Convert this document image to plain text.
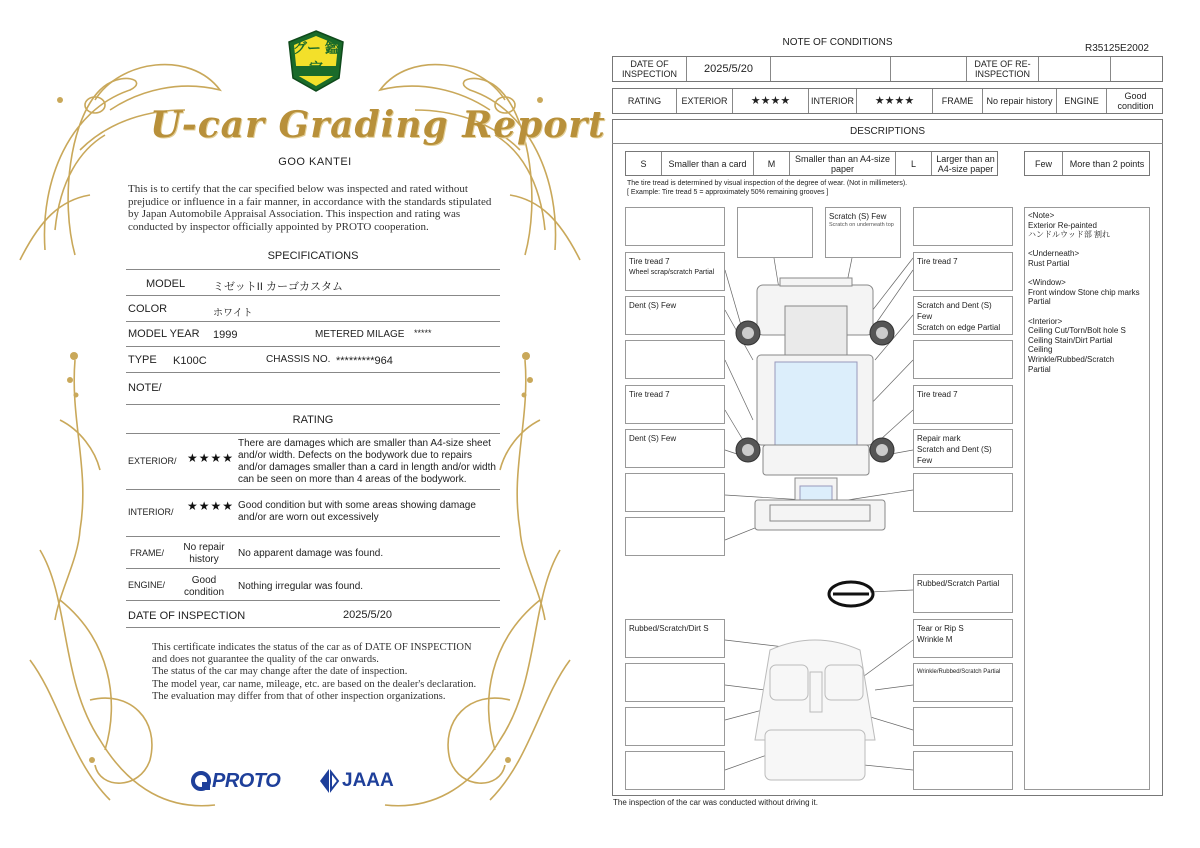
グー 鑑定
U-car Grading Report
GOO KANTEI
This is to certify that the car specified below was inspected and rated without prejudice or influence in a fair manner, in accordance with the standards stipulated by Japan Automobile Appraisal Association. This inspection and rating was conducted by inspector officially appointed by PROTO cooperation.
SPECIFICATIONS
MODEL	ミゼットII カーゴカスタム
COLOR	ホワイト
MODEL YEAR 1999	METERED MILAGE *****
TYPE K100C	CHASSIS NO. *********964
NOTE/
RATING
EXTERIOR/ ★★★★
There are damages which are smaller than A4-size sheet and/or width. Defects on the bodywork due to repairs and/or damages smaller than a card in length and/or width can be seen on more than 4 areas of the bodywork.
INTERIOR/ ★★★★ Good condition but with some areas showing damage and/or are worn out excessively
FRAME/	No repair history
No apparent damage was found.
ENGINE/	Good condition
Nothing irregular was found.
DATE OF INSPECTION	2025/5/20
This certificate indicates the status of the car as of DATE OF INSPECTION and does not guarantee the quality of the car onwards.
The status of the car may change after the date of inspection.
The model year, car name, mileage, etc. are based on the dealer's declaration.
The evaluation may differ from that of other inspection organizations.
PROTO	JAAA
NOTE OF CONDITIONS
R35125E2002
DATE OF INSPECTION	2025/5/20	DATE OF RE-INSPECTION
RATING	EXTERIOR	★★★★	INTERIOR	★★★★	FRAME	No repair history	ENGINE	Good condition
DESCRIPTIONS
S	Smaller than a card	M	Smaller than an A4-size paper	L	Larger than an A4-size paper	Few	More than 2 points
The tire tread is determined by visual inspection of the degree of wear. (Not in millimeters).
[ Example: Tire tread 5 = approximately 50% remaining grooves ]
Scratch (S) Few
Scratch on underneath top
Tire tread 7
Wheel scrap/scratch Partial
Dent (S) Few
Tire tread 7
Dent (S) Few
Tire tread 7
Scratch and Dent (S) Few
Scratch on edge Partial
Tire tread 7
Repair mark
Scratch and Dent (S) Few
Rubbed/Scratch Partial
Rubbed/Scratch/Dirt S	Tear or Rip S
Wrinkle M
Wrinkle/Rubbed/Scratch Partial
<Note>
Exterior Re-painted
ハンドルウッド部 割れ

<Underneath>
Rust Partial

<Window>
Front window Stone chip marks Partial

<Interior>
Ceiling Cut/Torn/Bolt hole S
Ceiling Stain/Dirt Partial
Ceiling
Wrinkle/Rubbed/Scratch
Partial
The inspection of the car was conducted without driving it.
